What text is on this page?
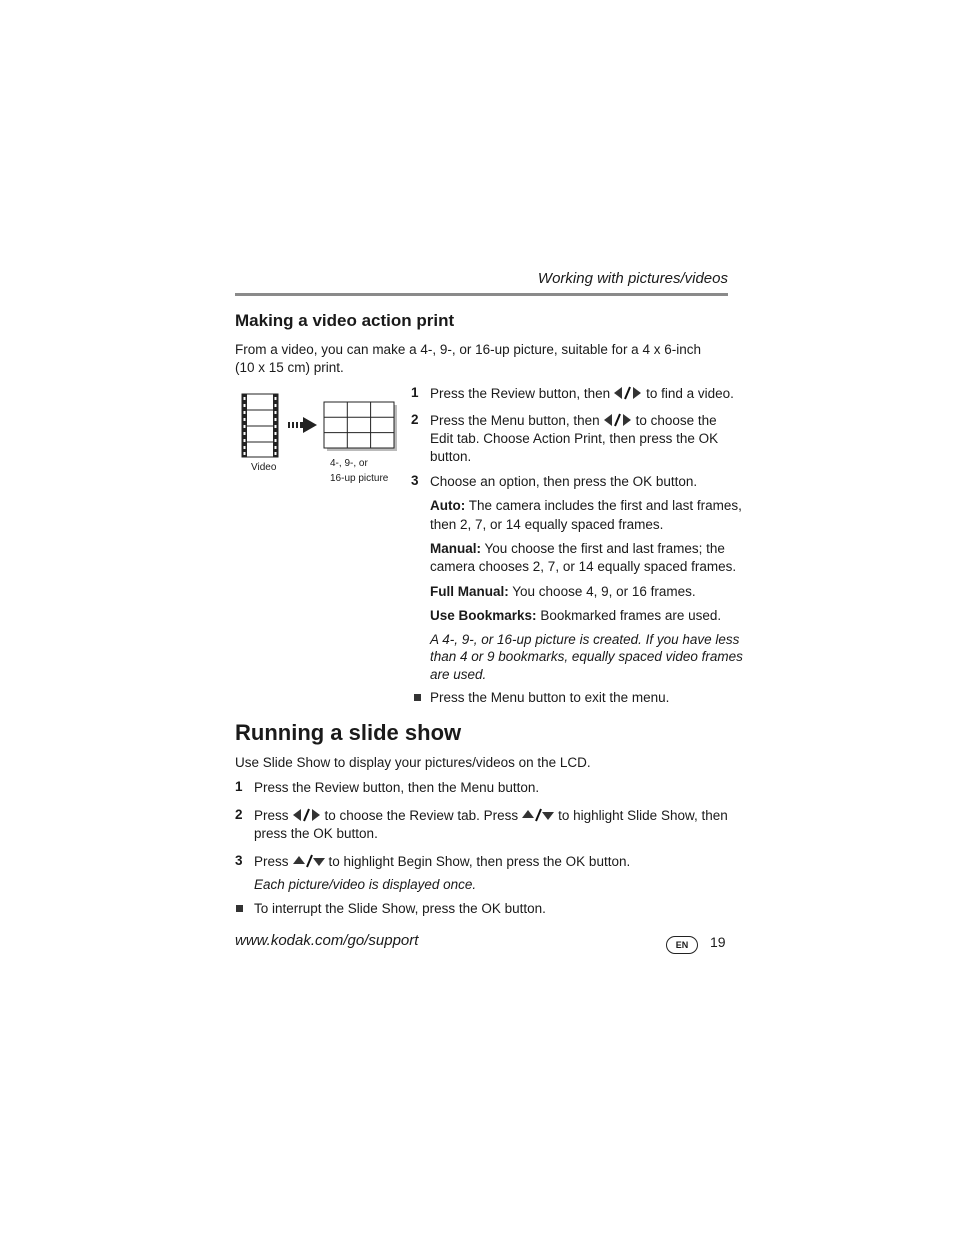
Working with pictures/videos
Making a video action print
From a video, you can make a 4-, 9-, or 16-up picture, suitable for a 4 x 6-inch
(10 x 15 cm) print.
Video	4-, 9-, or
16-up picture
1 Press the Review button, then	to find a video.
2 Press the Menu button, then	to choose the
Edit tab. Choose Action Print, then press the OK
button.
3 Choose an option, then press the OK button.
Auto: The camera includes the first and last frames,
then 2, 7, or 14 equally spaced frames.
Manual: You choose the first and last frames; the
camera chooses 2, 7, or 14 equally spaced frames.
Full Manual: You choose 4, 9, or 16 frames.
Use Bookmarks: Bookmarked frames are used.
A 4-, 9-, or 16-up picture is created. If you have less
than 4 or 9 bookmarks, equally spaced video frames
are used.
Press the Menu button to exit the menu.
Running a slide show
Use Slide Show to display your pictures/videos on the LCD.
1 Press the Review button, then the Menu button.
2 Press	to choose the Review tab. Press	to highlight Slide Show, then
press the OK button.
3 Press	to highlight Begin Show, then press the OK button.
Each picture/video is displayed once.
To interrupt the Slide Show, press the OK button.
www.kodak.com/go/support	EN	19
